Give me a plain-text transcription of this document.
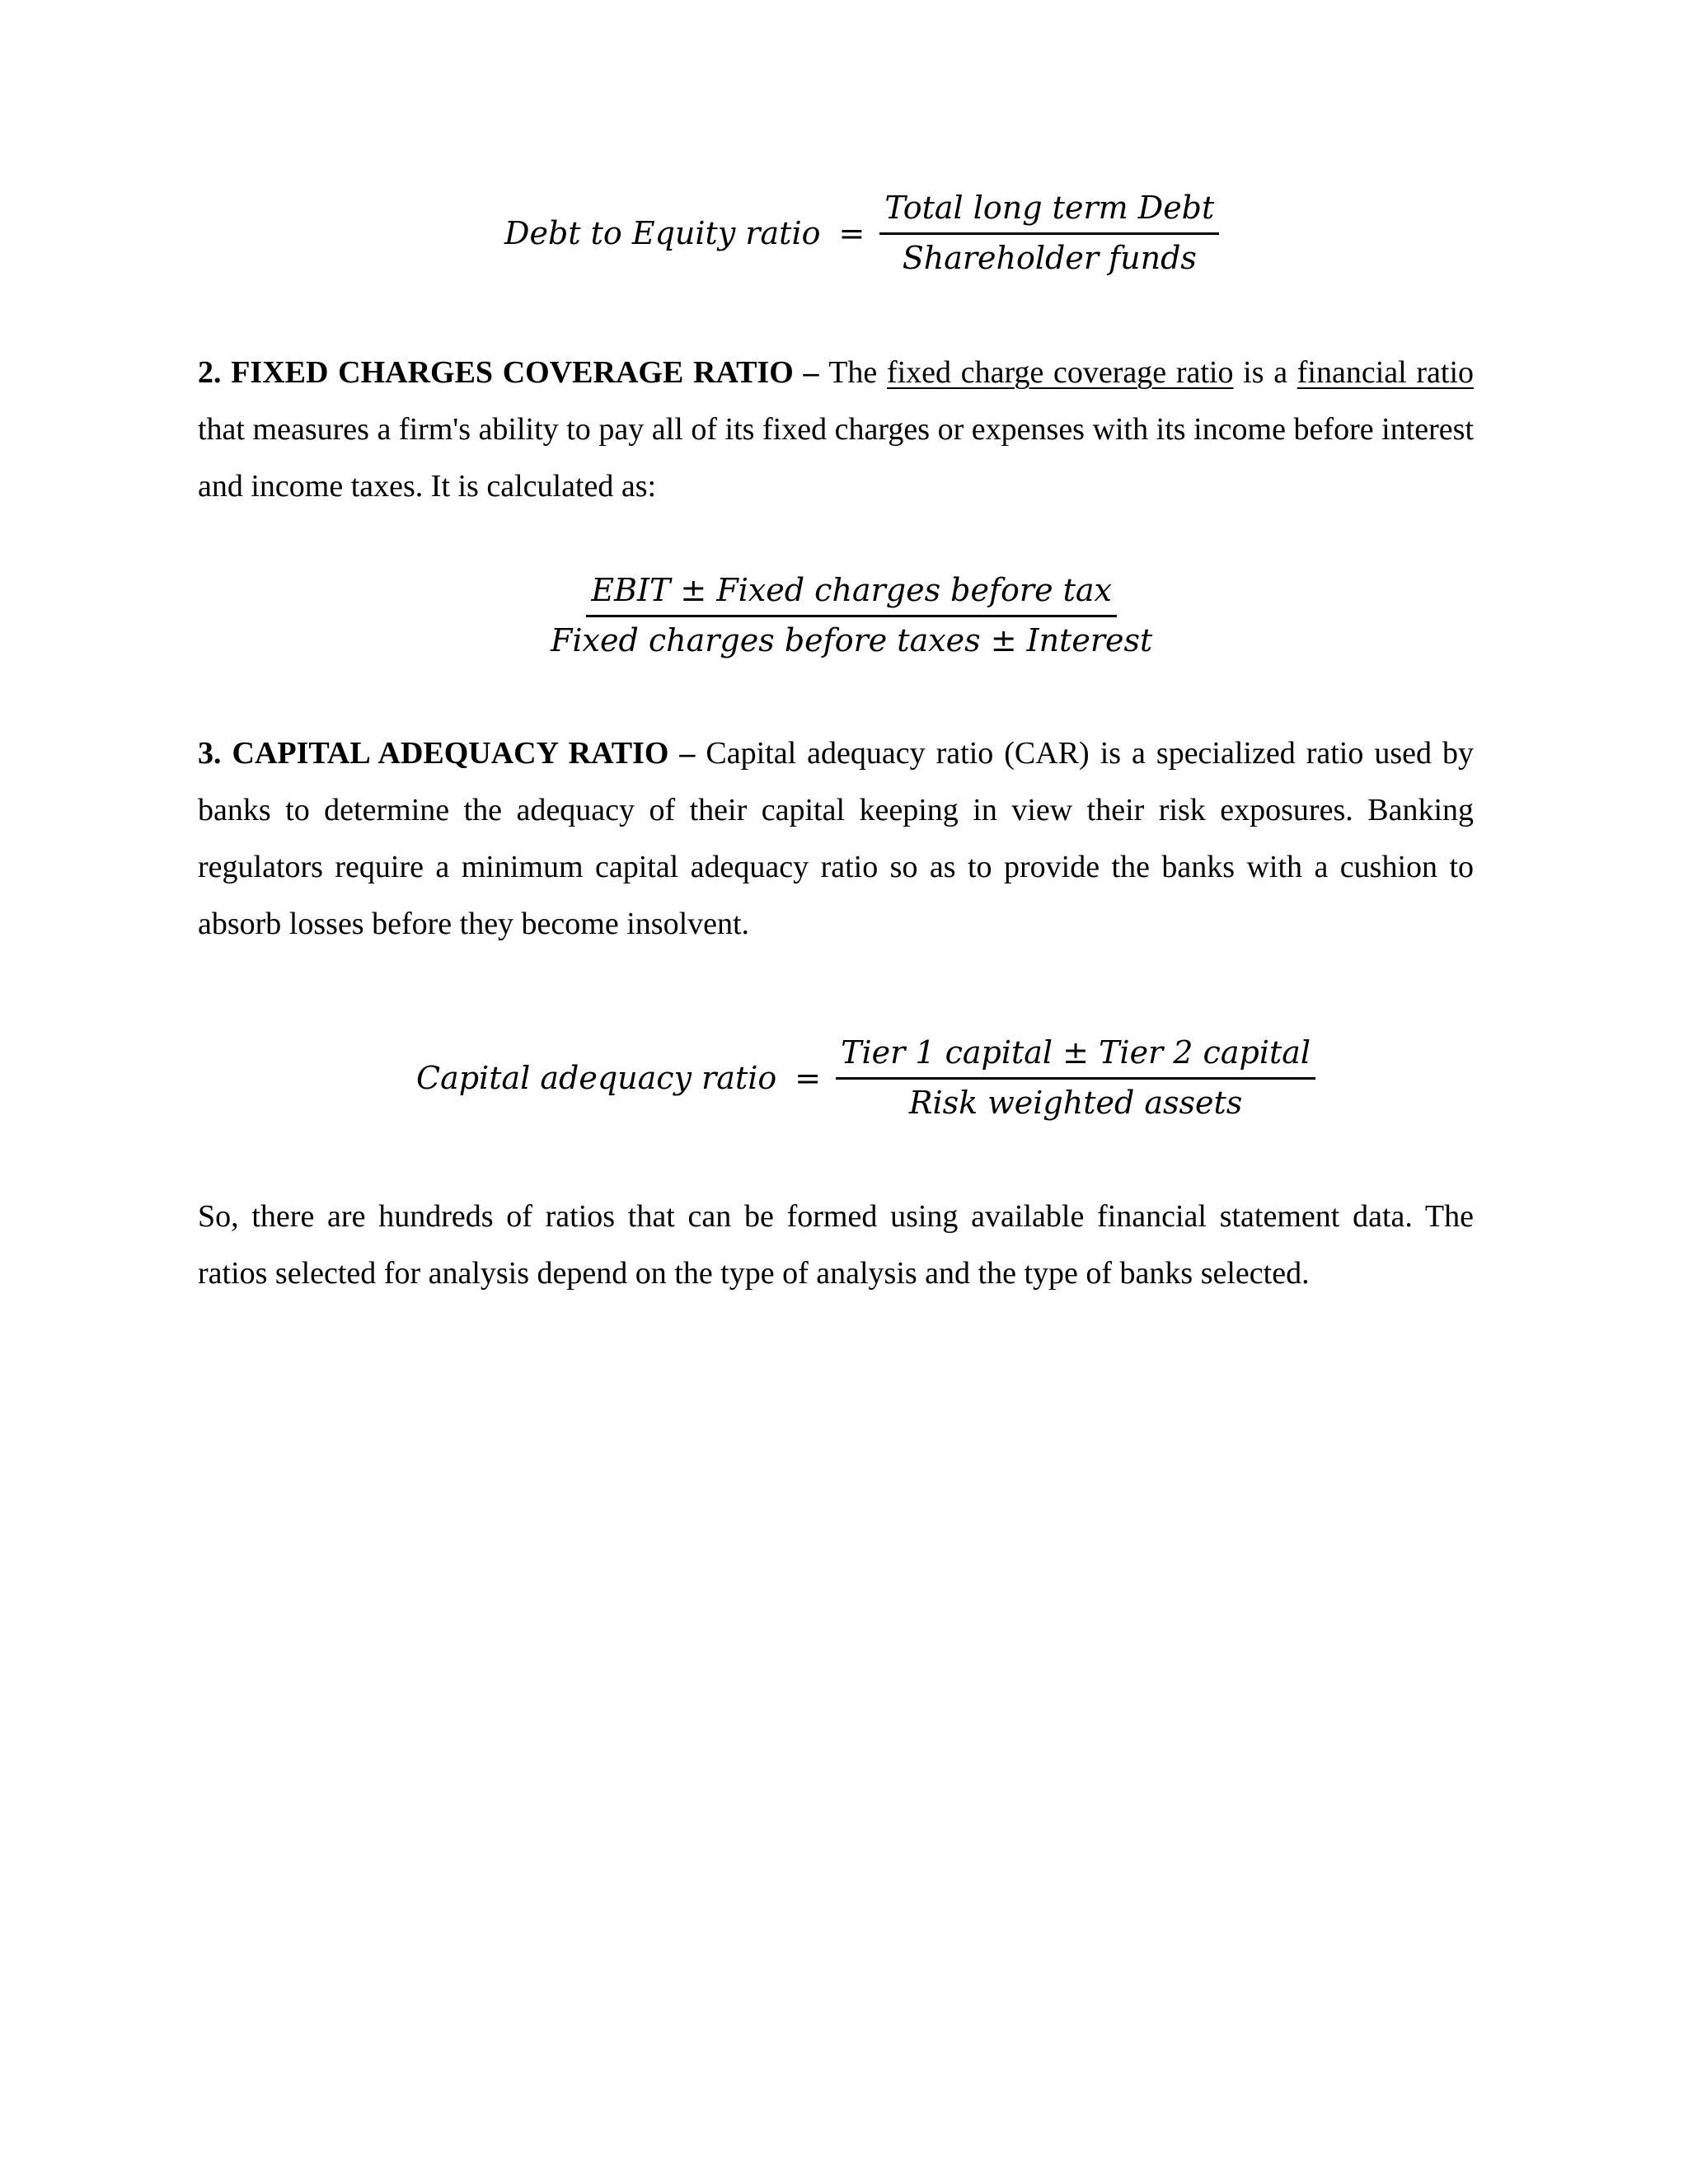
Debt to Equity ratio = $\frac{\text{Total long term Debt}}{\text{Shareholder funds}}$

2. FIXED CHARGES COVERAGE RATIO – The fixed charge coverage ratio is a financial ratio that measures a firm's ability to pay all of its fixed charges or expenses with its income before interest and income taxes. It is calculated as:

$\frac{\text{EBIT ± Fixed charges before tax}}{\text{Fixed charges before taxes ± Interest}}$

3. CAPITAL ADEQUACY RATIO – Capital adequacy ratio (CAR) is a specialized ratio used by banks to determine the adequacy of their capital keeping in view their risk exposures. Banking regulators require a minimum capital adequacy ratio so as to provide the banks with a cushion to absorb losses before they become insolvent.

Capital adequacy ratio = $\frac{\text{Tier 1 capital ± Tier 2 capital}}{\text{Risk weighted assets}}$

So, there are hundreds of ratios that can be formed using available financial statement data. The ratios selected for analysis depend on the type of analysis and the type of banks selected.
